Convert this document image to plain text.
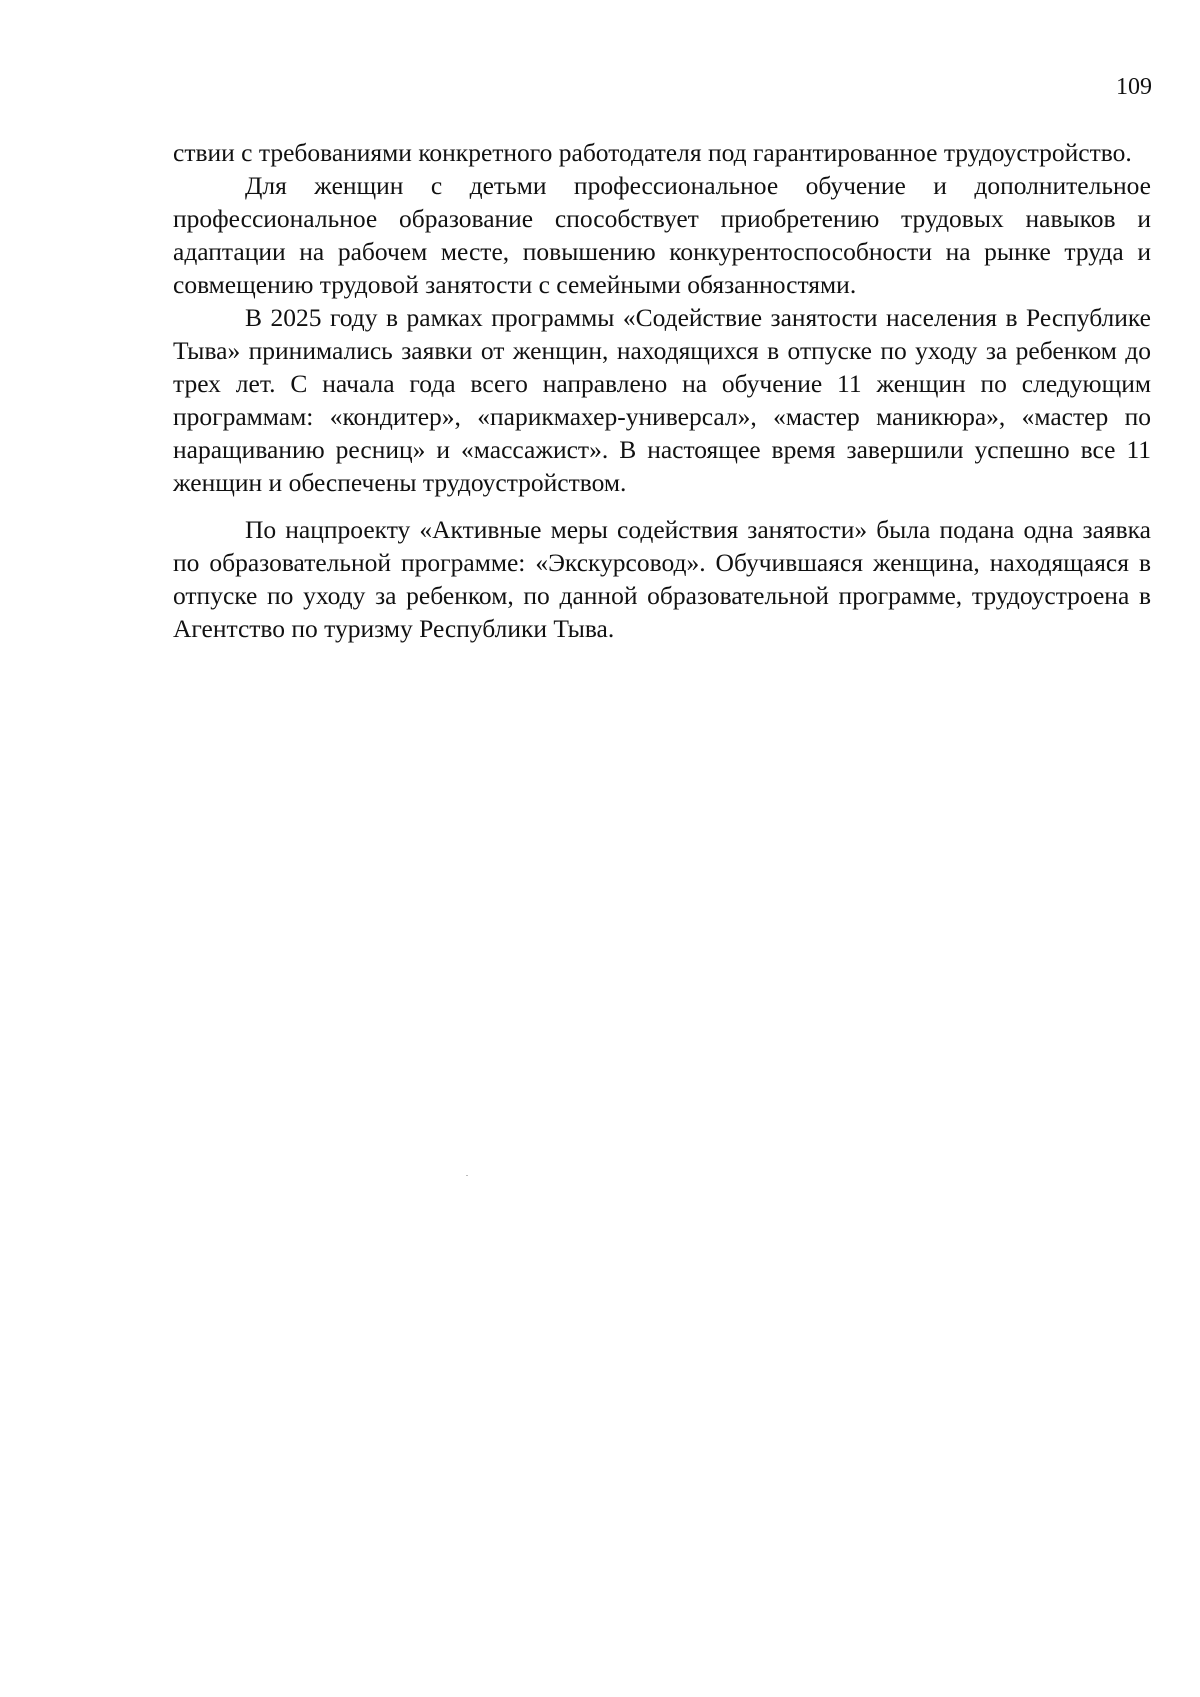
109

ствии с требованиями конкретного работодателя под гарантированное трудоустройство.

Для женщин с детьми профессиональное обучение и дополнительное профессиональное образование способствует приобретению трудовых навыков и адаптации на рабочем месте, повышению конкурентоспособности на рынке труда и совмещению трудовой занятости с семейными обязанностями.

В 2025 году в рамках программы «Содействие занятости населения в Республике Тыва» принимались заявки от женщин, находящихся в отпуске по уходу за ребенком до трех лет. С начала года всего направлено на обучение 11 женщин по следующим программам: «кондитер», «парикмахер-универсал», «мастер маникюра», «мастер по наращиванию ресниц» и «массажист». В настоящее время завершили успешно все 11 женщин и обеспечены трудоустройством.

По нацпроекту «Активные меры содействия занятости» была подана одна заявка по образовательной программе: «Экскурсовод». Обучившаяся женщина, находящаяся в отпуске по уходу за ребенком, по данной образовательной программе, трудоустроена в Агентство по туризму Республики Тыва.
